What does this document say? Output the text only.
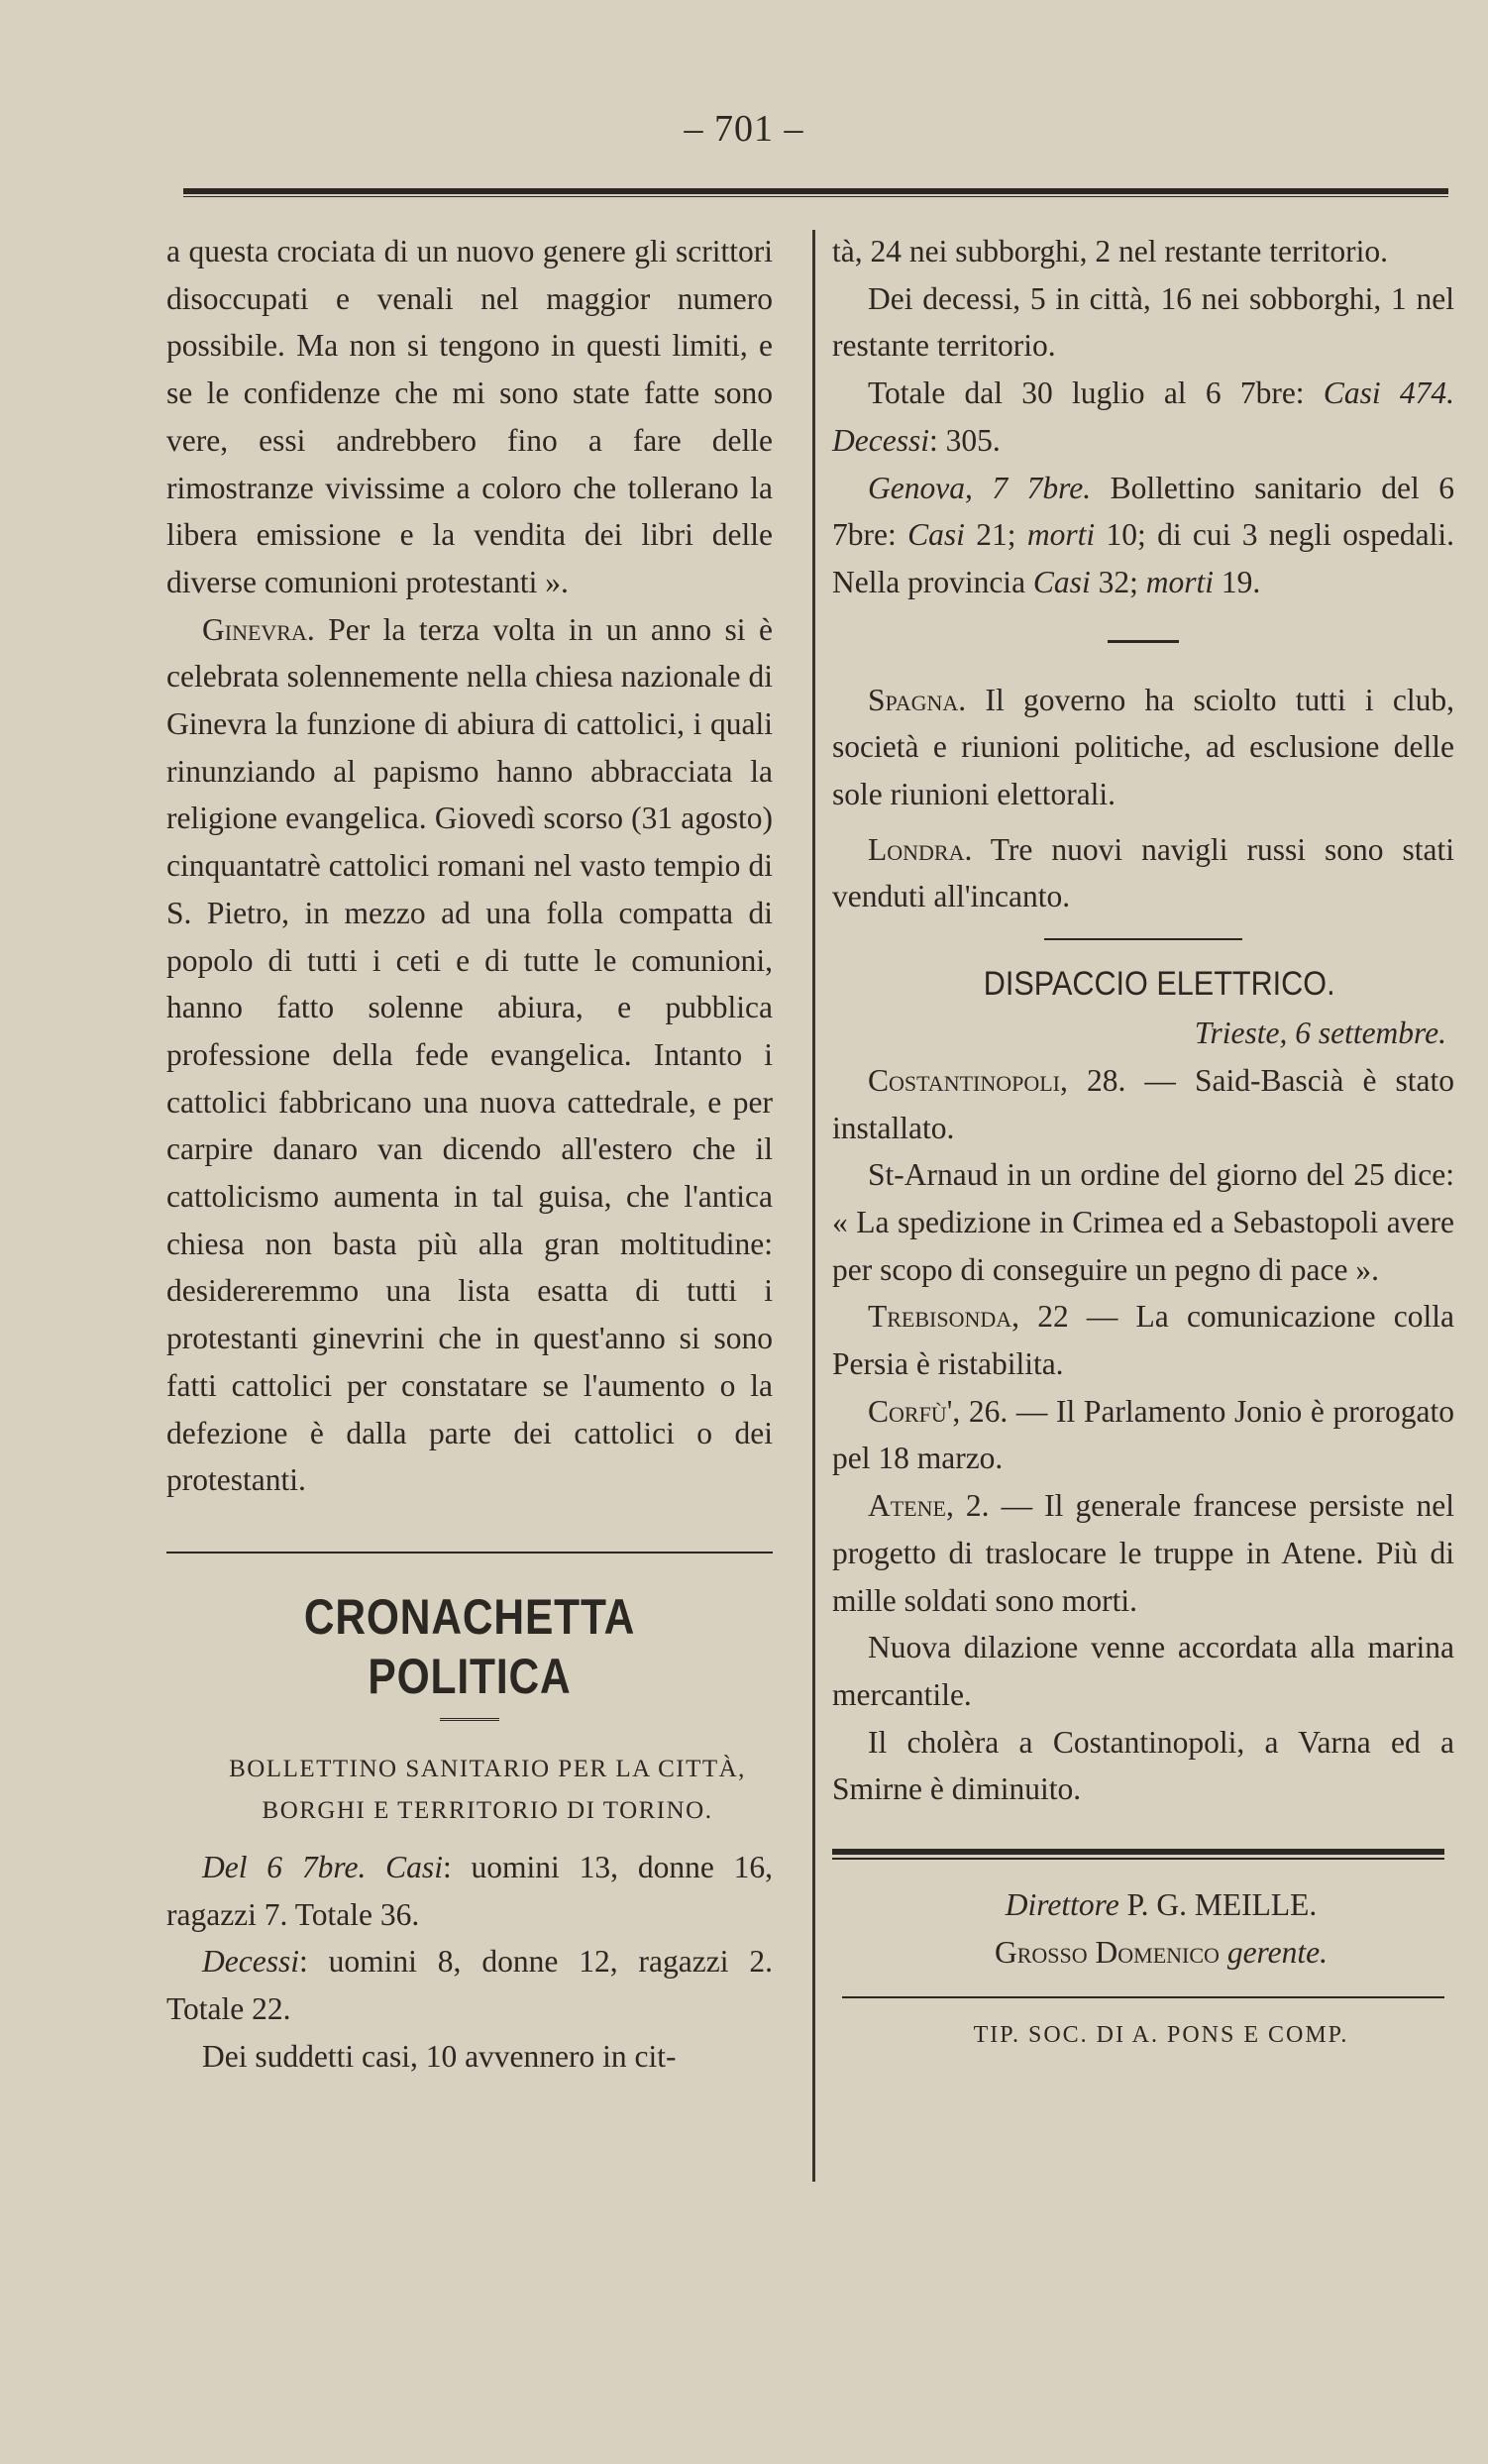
– 701 –

a questa crociata di un nuovo genere gli scrittori disoccupati e venali nel maggior numero possibile. Ma non si tengono in questi limiti, e se le confidenze che mi sono state fatte sono vere, essi andrebbero fino a fare delle rimostranze vivissime a coloro che tollerano la libera emissione e la vendita dei libri delle diverse comunioni protestanti ».

Ginevra. Per la terza volta in un anno si è celebrata solennemente nella chiesa nazionale di Ginevra la funzione di abiura di cattolici, i quali rinunziando al papismo hanno abbracciata la religione evangelica. Giovedì scorso (31 agosto) cinquantatrè cattolici romani nel vasto tempio di S. Pietro, in mezzo ad una folla compatta di popolo di tutti i ceti e di tutte le comunioni, hanno fatto solenne abiura, e pubblica professione della fede evangelica. Intanto i cattolici fabbricano una nuova cattedrale, e per carpire danaro van dicendo all'estero che il cattolicismo aumenta in tal guisa, che l'antica chiesa non basta più alla gran moltitudine: desidereremmo una lista esatta di tutti i protestanti ginevrini che in quest'anno si sono fatti cattolici per constatare se l'aumento o la defezione è dalla parte dei cattolici o dei protestanti.

CRONACHETTA POLITICA

BOLLETTINO SANITARIO PER LA CITTÀ,

BORGHI E TERRITORIO DI TORINO.

Del 6 7bre. Casi: uomini 13, donne 16, ragazzi 7. Totale 36.

Decessi: uomini 8, donne 12, ragazzi 2. Totale 22.

Dei suddetti casi, 10 avvennero in cit-

tà, 24 nei subborghi, 2 nel restante territorio.

Dei decessi, 5 in città, 16 nei sobborghi, 1 nel restante territorio.

Totale dal 30 luglio al 6 7bre: Casi 474. Decessi: 305.

Genova, 7 7bre. Bollettino sanitario del 6 7bre: Casi 21; morti 10; di cui 3 negli ospedali. Nella provincia Casi 32; morti 19.

Spagna. Il governo ha sciolto tutti i club, società e riunioni politiche, ad esclusione delle sole riunioni elettorali.

Londra. Tre nuovi navigli russi sono stati venduti all'incanto.

DISPACCIO ELETTRICO.

Trieste, 6 settembre.

Costantinopoli, 28. — Said-Bascià è stato installato.

St-Arnaud in un ordine del giorno del 25 dice: « La spedizione in Crimea ed a Sebastopoli avere per scopo di conseguire un pegno di pace ».

Trebisonda, 22 — La comunicazione colla Persia è ristabilita.

Corfù', 26. — Il Parlamento Jonio è prorogato pel 18 marzo.

Atene, 2. — Il generale francese persiste nel progetto di traslocare le truppe in Atene. Più di mille soldati sono morti.

Nuova dilazione venne accordata alla marina mercantile.

Il cholèra a Costantinopoli, a Varna ed a Smirne è diminuito.

Direttore P. G. MEILLE.

Grosso Domenico gerente.

TIP. SOC. DI A. PONS E COMP.
